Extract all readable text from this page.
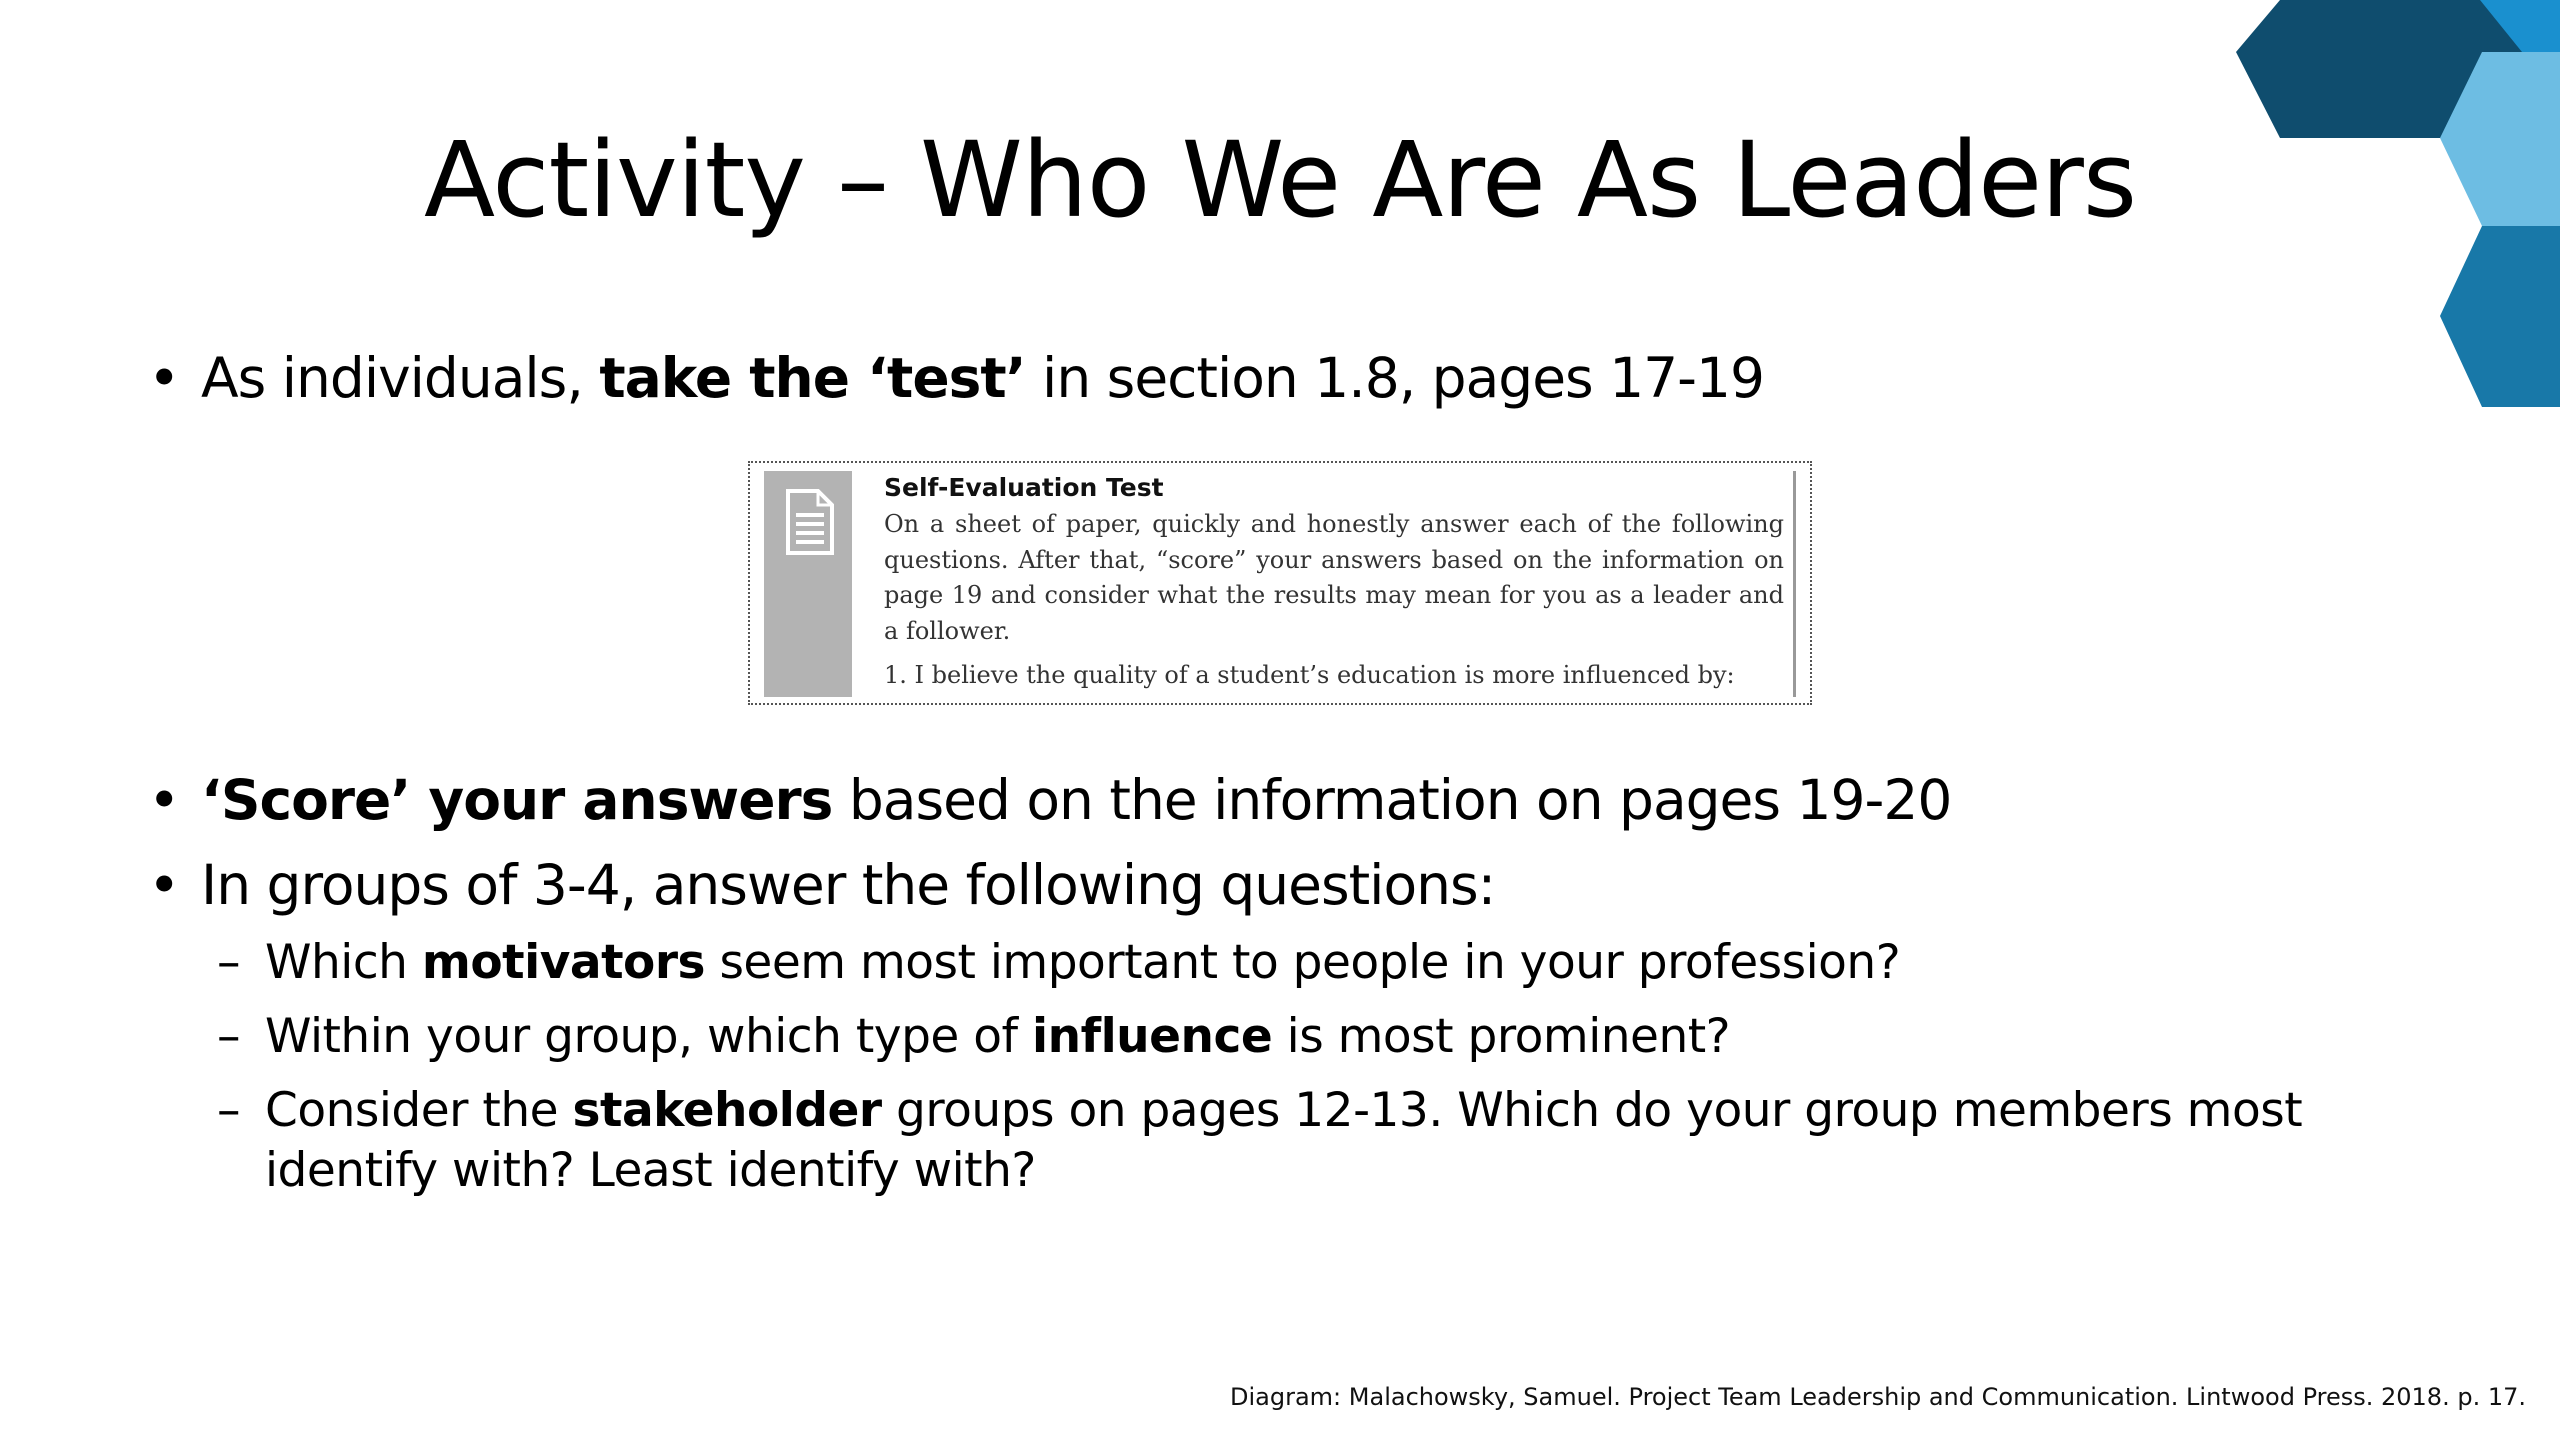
Activity – Who We Are As Leaders
• As individuals, take the ‘test’ in section 1.8, pages 17-19
Self-Evaluation Test
On a sheet of paper, quickly and honestly answer each of the following questions. After that, “score” your answers based on the information on page 19 and consider what the results may mean for you as a leader and a follower.
1. I believe the quality of a student’s education is more influenced by:
• ‘Score’ your answers based on the information on pages 19-20
• In groups of 3-4, answer the following questions:
– Which motivators seem most important to people in your profession?
– Within your group, which type of influence is most prominent?
– Consider the stakeholder groups on pages 12-13. Which do your group members most
identify with? Least identify with?
Diagram: Malachowsky, Samuel. Project Team Leadership and Communication. Lintwood Press. 2018. p. 17.
